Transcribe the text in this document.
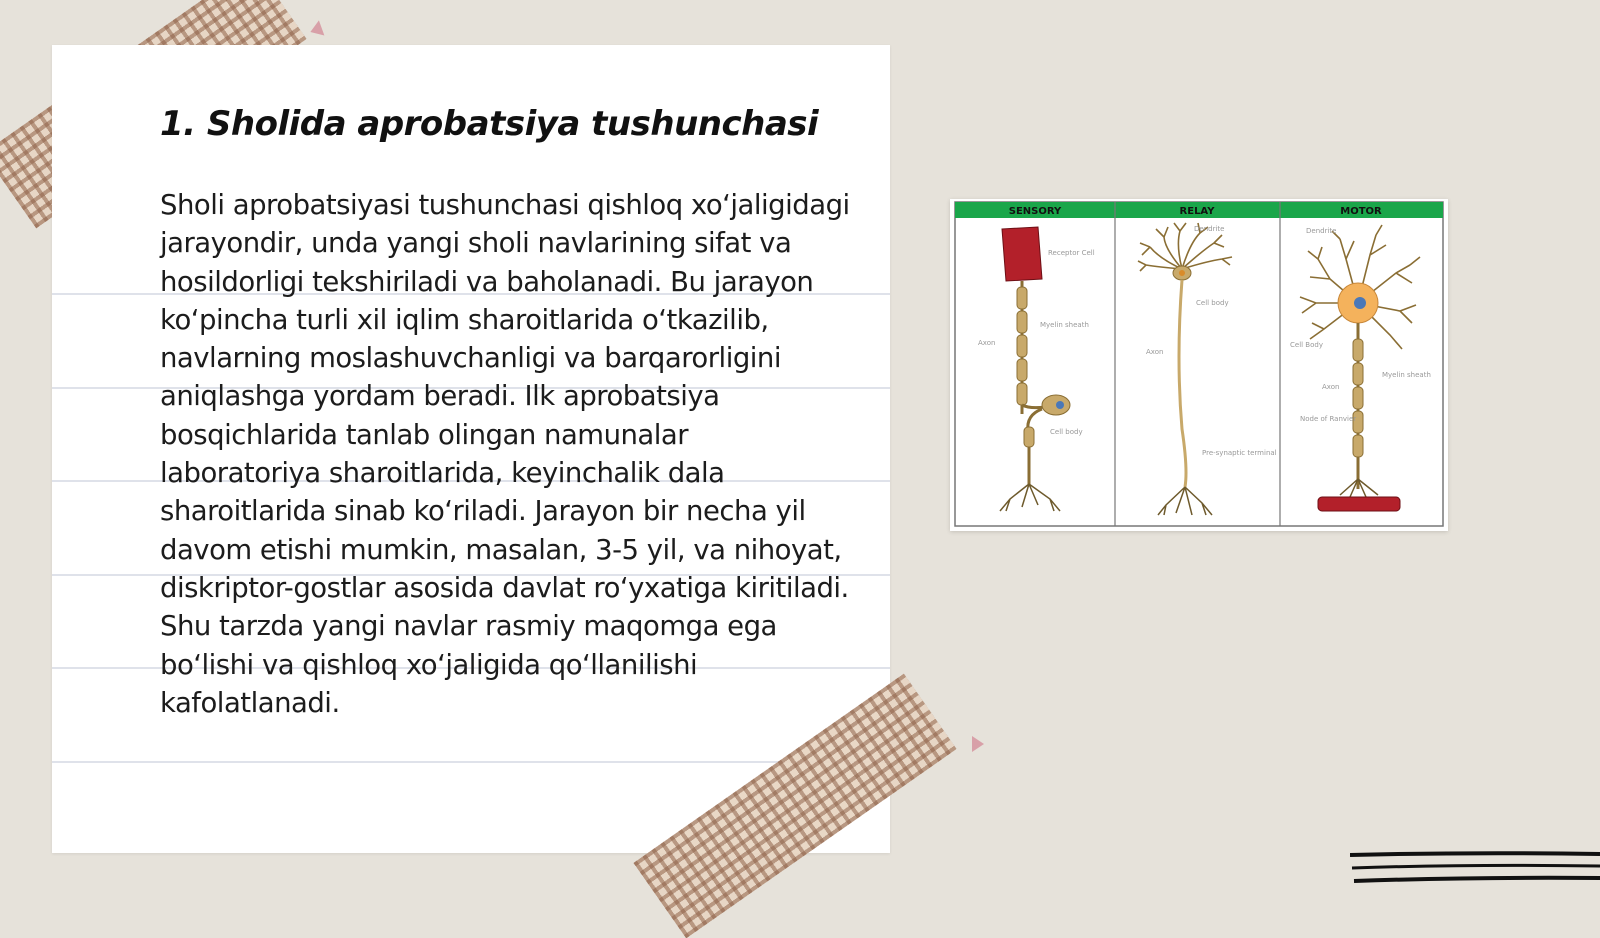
1. Sholida aprobatsiya tushunchasi

Sholi aprobatsiyasi tushunchasi qishloq xo‘jaligidagi jarayondir, unda yangi sholi navlarining sifat va hosildorligi tekshiriladi va baholanadi. Bu jarayon ko‘pincha turli xil iqlim sharoitlarida o‘tkazilib, navlarning moslashuvchanligi va barqarorligini aniqlashga yordam beradi. Ilk aprobatsiya bosqichlarida tanlab olingan namunalar laboratoriya sharoitlarida, keyinchalik dala sharoitlarida sinab ko‘riladi. Jarayon bir necha yil davom etishi mumkin, masalan, 3-5 yil, va nihoyat, diskriptor-gostlar asosida davlat ro‘yxatiga kiritiladi. Shu tarzda yangi navlar rasmiy maqomga ega bo‘lishi va qishloq xo‘jaligida qo‘llanilishi kafolatlanadi.

SENSORY	RELAY	MOTOR
Receptor Cell
Myelin sheath
Axon
Cell body
Dendrite
Cell body
Axon
Pre-synaptic terminal
Dendrite
Cell Body
Axon
Myelin sheath
Node of Ranvier
